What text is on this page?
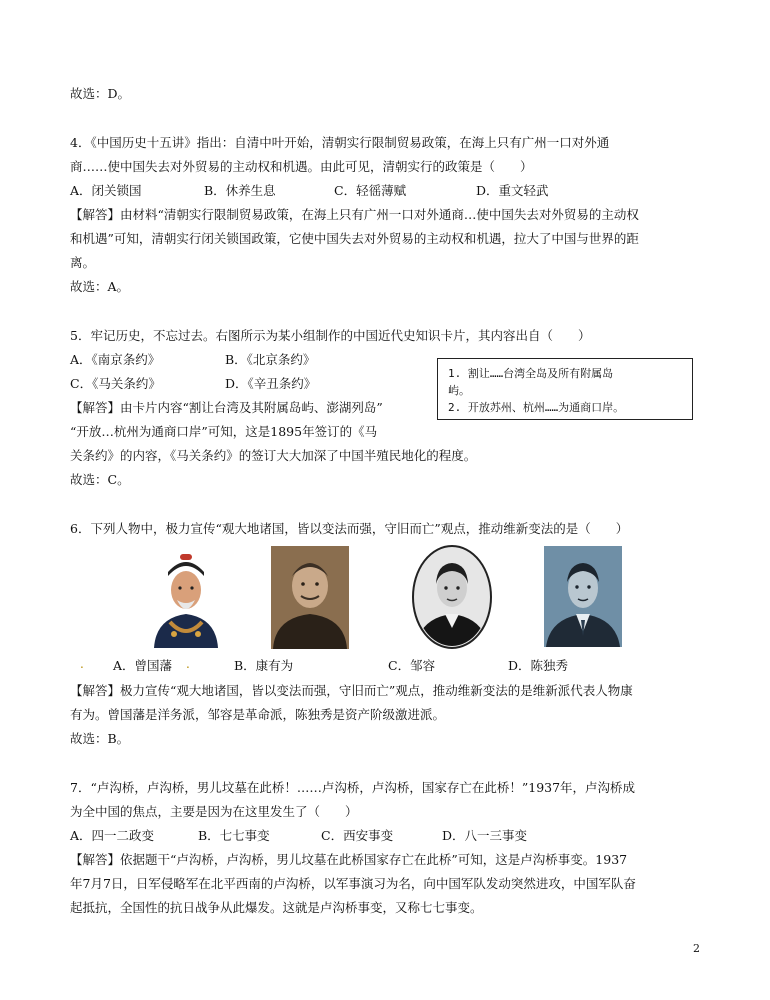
故选：D。
4．《中国历史十五讲》指出：自清中叶开始，清朝实行限制贸易政策，在海上只有广州一口对外通
商……使中国失去对外贸易的主动权和机遇。由此可见，清朝实行的政策是（　　）
A．闭关锁国	B．休养生息	C．轻徭薄赋	D．重文轻武
【解答】由材料“清朝实行限制贸易政策，在海上只有广州一口对外通商…使中国失去对外贸易的主动权
和机遇”可知，清朝实行闭关锁国政策，它使中国失去对外贸易的主动权和机遇，拉大了中国与世界的距
离。
故选：A。
5．牢记历史，不忘过去。右图所示为某小组制作的中国近代史知识卡片，其内容出自（　　）
A．《南京条约》	B．《北京条约》
C．《马关条约》	D．《辛丑条约》
1. 割让……台湾全岛及所有附属岛
屿。
2. 开放苏州、杭州……为通商口岸。
【解答】由卡片内容“割让台湾及其附属岛屿、澎湖列岛”
“开放…杭州为通商口岸”可知，这是1895年签订的《马
关条约》的内容，《马关条约》的签订大大加深了中国半殖民地化的程度。
故选：C。
6．下列人物中，极力宣传“观大地诸国，皆以变法而强，守旧而亡”观点，推动维新变法的是（　　）
. A．曾国藩 .	B．康有为	C．邹容	D．陈独秀
【解答】极力宣传“观大地诸国，皆以变法而强，守旧而亡”观点，推动维新变法的是维新派代表人物康
有为。曾国藩是洋务派，邹容是革命派，陈独秀是资产阶级激进派。
故选：B。
7．“卢沟桥，卢沟桥，男儿坟墓在此桥！……卢沟桥，卢沟桥，国家存亡在此桥！”1937年，卢沟桥成
为全中国的焦点，主要是因为在这里发生了（　　）
A．四一二政变	B．七七事变	C．西安事变	D．八一三事变
【解答】依据题干“卢沟桥，卢沟桥，男儿坟墓在此桥国家存亡在此桥”可知，这是卢沟桥事变。1937
年7月7日，日军侵略军在北平西南的卢沟桥，以军事演习为名，向中国军队发动突然进攻，中国军队奋
起抵抗，全国性的抗日战争从此爆发。这就是卢沟桥事变，又称七七事变。
2
